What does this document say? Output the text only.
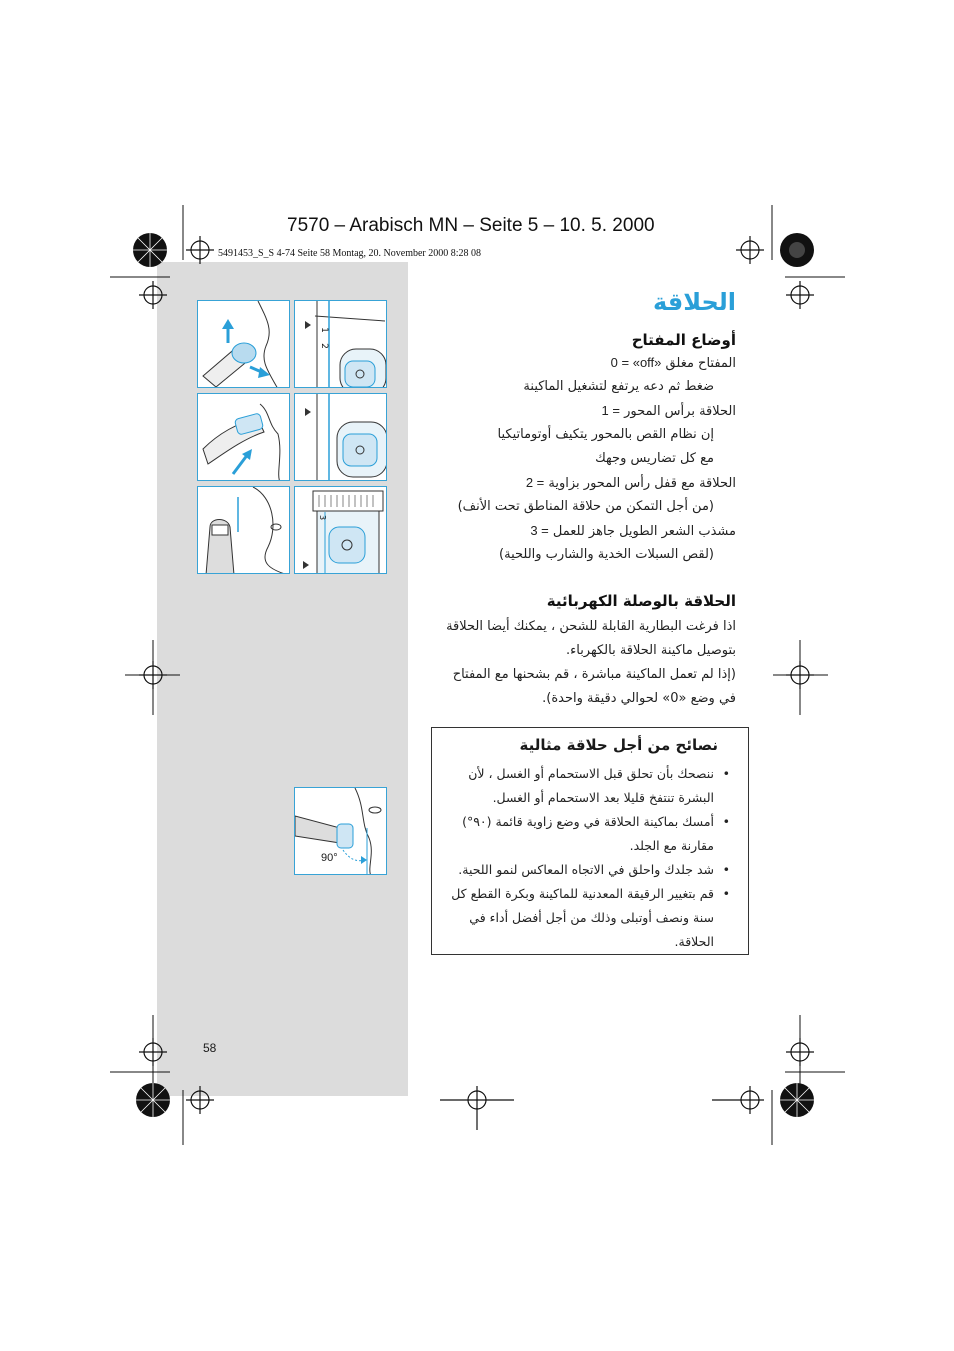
7570 – Arabisch MN – Seite 5 – 10. 5. 2000
5491453_S_S 4-74 Seite 58 Montag, 20. November 2000 8:28 08
1
2
3
90°
الحلاقة
أوضاع المفتاح
المفتاح مغلق 0 = «off»
ضغط ثم دعه يرتفع لتشغيل الماكينة
الحلاقة برأس المحور 1 =
إن نظام القص بالمحور يتكيف أوتوماتيكيا
مع كل تضاريس وجهك
الحلاقة مع قفل رأس المحور بزاوية 2 =
(من أجل التمكن من حلاقة المناطق تحت الأنف)
مشذب الشعر الطويل جاهز للعمل 3 =
(لقص السبلات الخدية والشارب واللحية)
الحلاقة بالوصلة الكهربائية
اذا فرغت البطارية القابلة للشحن ، يمكنك أيضا الحلاقة بتوصيل ماكينة الحلاقة بالكهرباء.
(إذا لم تعمل الماكينة مباشرة ، قم بشحنها مع المفتاح في وضع «0» لحوالي دقيقة واحدة).
نصائح من أجل حلاقة مثالية
• ننصحك بأن تحلق قبل الاستحمام أو الغسل ، لأن البشرة تنتفخ قليلا بعد الاستحمام أو الغسل.
• أمسك بماكينة الحلاقة في وضع زاوية قائمة (٩٠°) مقارنة مع الجلد.
• شد جلدك واحلق في الاتجاه المعاكس لنمو اللحية.
• قم بتغيير الرقيقة المعدنية للماكينة وبكرة القطع كل سنة ونصف أوتبلى وذلك من أجل أفضل أداء في الحلاقة.
58
